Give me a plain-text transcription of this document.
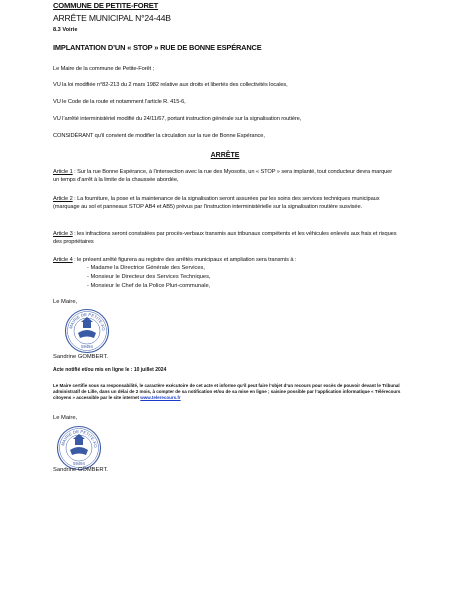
COMMUNE DE PETITE-FORET

ARRÊTE MUNICIPAL N°24-44B

8.3 Voirie

IMPLANTATION D’UN « STOP » RUE DE BONNE ESPÉRANCE

Le Maire de la commune de Petite-Forêt ;

VU la loi modifiée n°82-213 du 2 mars 1982 relative aux droits et libertés des collectivités locales,

VU le Code de la route et notamment l’article R. 415-6,

VU l’arrêté interministériel modifié du 24/11/67, portant instruction générale sur la signalisation routière,

CONSIDÉRANT qu’il convient de modifier la circulation sur la rue de Bonne Espérance,

ARRÊTE

Article 1 : Sur la rue Bonne Espérance, à l’intersection avec la rue des Myosotis, un « STOP » sera implanté, tout conducteur devra marquer un temps d’arrêt à la limite de la chaussée abordée,

Article 2 : La fourniture, la pose et la maintenance de la signalisation seront assurées par les soins des services techniques municipaux (marquage au sol et panneaux STOP AB4 et AB5) prévus par l’instruction interministérielle sur la signalisation routière susvisée.

Article 3 : les infractions seront constatées par procès-verbaux transmis aux tribunaux compétents et les véhicules enlevés aux frais et risques des propriétaires

Article 4 : le présent arrêté figurera au registre des arrêtés municipaux et ampliation sera transmis à :

- Madame la Directrice Générale des Services,
- Monsieur le Directeur des Services Techniques,
- Monsieur le Chef de la Police Pluri-communale,

Le Maire,

MAIRIE DE PETITE-FO
59494

Sandrine GOMBERT.

Acte notifié et/ou mis en ligne le : 10 juillet 2024

Le Maire certifie sous sa responsabilité, le caractère exécutoire de cet acte et informe qu’il peut faire l’objet d’un recours pour excès de pouvoir devant le Tribunal administratif de Lille, dans un délai de 2 mois, à compter de sa notification et/ou de sa mise en ligne ; saisine possible par l’application informatique « Télérecours citoyens » accessible par le site internet www.telerecours.fr

Le Maire,

MAIRIE DE PETITE-FO
59494

Sandrine GOMBERT.
